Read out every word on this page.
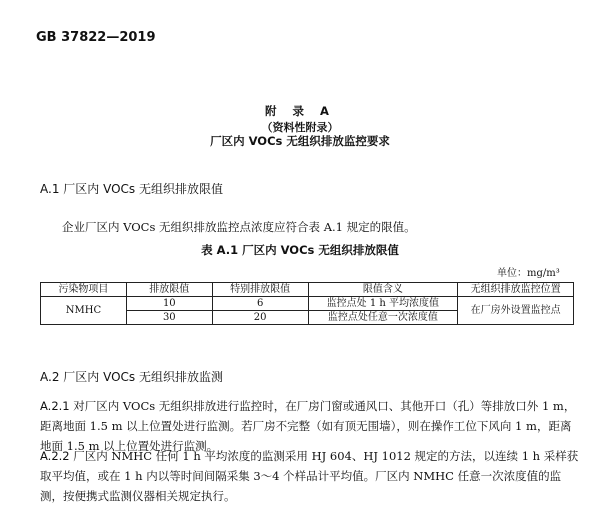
GB 37822—2019
附 录 A
（资料性附录）
厂区内 VOCs 无组织排放监控要求
A.1 厂区内 VOCs 无组织排放限值
企业厂区内 VOCs 无组织排放监控点浓度应符合表 A.1 规定的限值。
表 A.1 厂区内 VOCs 无组织排放限值
单位：mg/m³
污染物项目	排放限值	特别排放限值	限值含义	无组织排放监控位置
NMHC	10	6	监控点处 1 h 平均浓度值	在厂房外设置监控点
	30	20	监控点处任意一次浓度值	
A.2 厂区内 VOCs 无组织排放监测
A.2.1 对厂区内 VOCs 无组织排放进行监控时，在厂房门窗或通风口、其他开口（孔）等排放口外 1 m，距离地面 1.5 m 以上位置处进行监测。若厂房不完整（如有顶无围墙），则在操作工位下风向 1 m，距离地面 1.5 m 以上位置处进行监测。
A.2.2 厂区内 NMHC 任何 1 h 平均浓度的监测采用 HJ 604、HJ 1012 规定的方法，以连续 1 h 采样获取平均值，或在 1 h 内以等时间间隔采集 3～4 个样品计平均值。厂区内 NMHC 任意一次浓度值的监测，按便携式监测仪器相关规定执行。
